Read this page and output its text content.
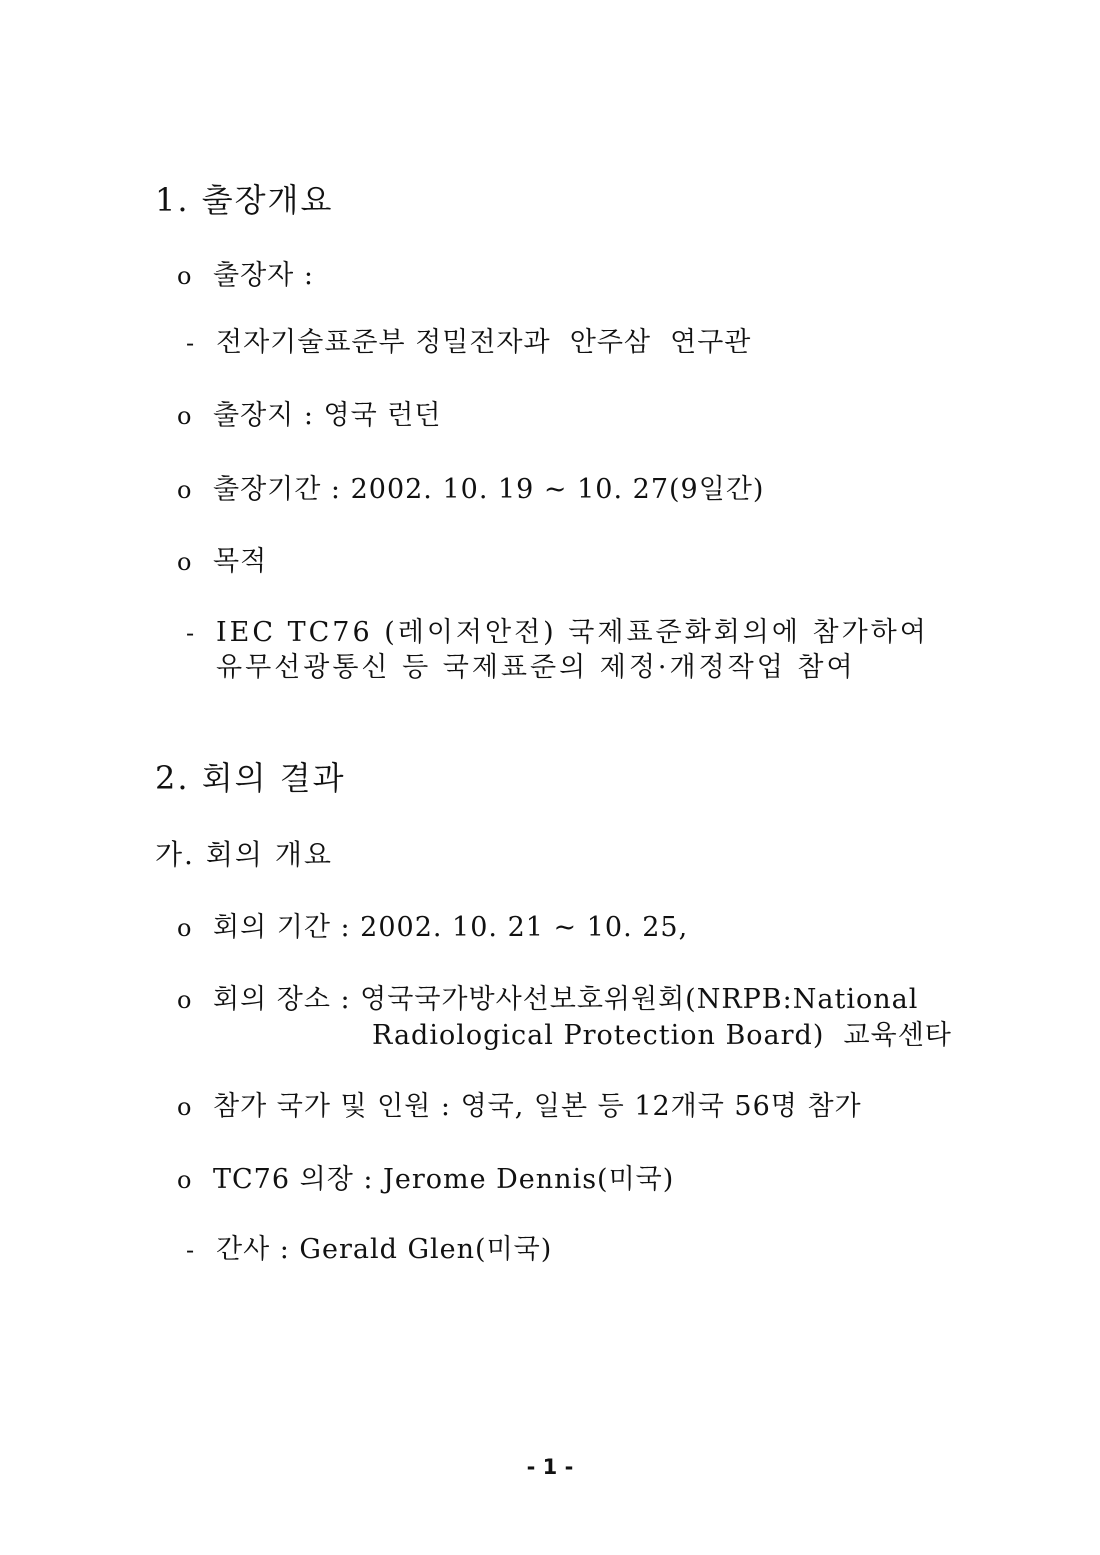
1. 출장개요
o 출장자 :
- 전자기술표준부 정밀전자과  안주삼  연구관
o 출장지 : 영국 런던
o 출장기간 : 2002. 10. 19 ~ 10. 27(9일간)
o 목적
- IEC TC76 (레이저안전) 국제표준화회의에 참가하여
유무선광통신 등 국제표준의 제정·개정작업 참여
2. 회의 결과
가. 회의 개요
o 회의 기간 : 2002. 10. 21 ~ 10. 25,
o 회의 장소 : 영국국가방사선보호위원회(NRPB:National
Radiological Protection Board)  교육센타
o 참가 국가 및 인원 : 영국, 일본 등 12개국 56명 참가
o TC76 의장 : Jerome Dennis(미국)
- 간사 : Gerald Glen(미국)
- 1 -
